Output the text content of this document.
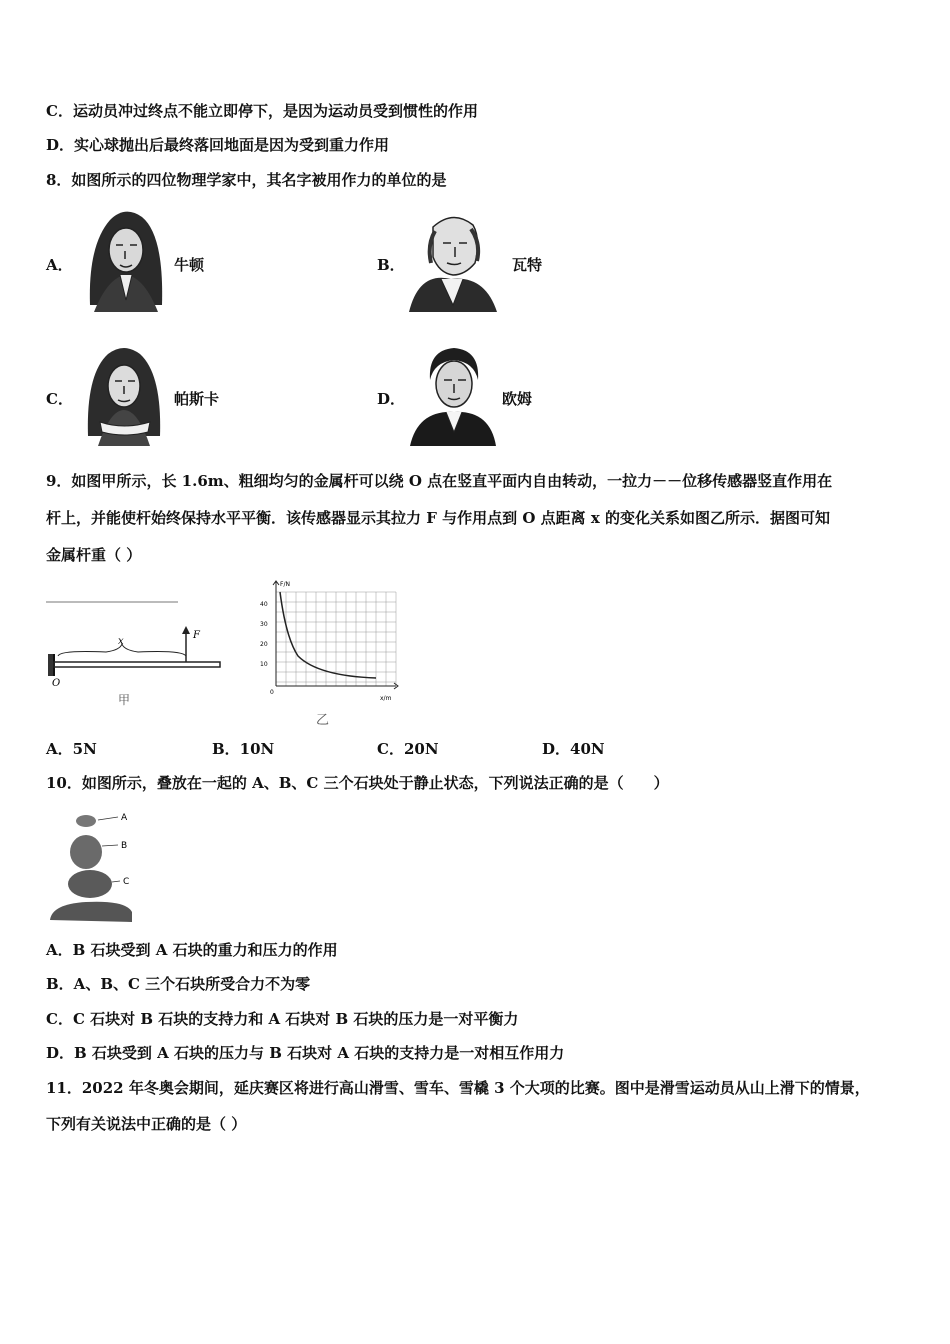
C．运动员冲过终点不能立即停下，是因为运动员受到惯性的作用
D．实心球抛出后最终落回地面是因为受到重力作用
8．如图所示的四位物理学家中，其名字被用作力的单位的是
A．	牛顿	B．	瓦特
C．	帕斯卡	D．	欧姆
9．如图甲所示，长 1.6m、粗细均匀的金属杆可以绕 O 点在竖直平面内自由转动，一拉力－－位移传感器竖直作用在
杆上，并能使杆始终保持水平平衡．该传感器显示其拉力 F 与作用点到 O 点距离 x 的变化关系如图乙所示．据图可知
金属杆重（ ）
x
F
O
甲
F/N
x/m
40
30
20
10
0
乙
A．5N	B．10N	C．20N	D．40N
10．如图所示，叠放在一起的 A、B、C 三个石块处于静止状态，下列说法正确的是（　　）
A
B
C
A．B 石块受到 A 石块的重力和压力的作用
B．A、B、C 三个石块所受合力不为零
C．C 石块对 B 石块的支持力和 A 石块对 B 石块的压力是一对平衡力
D．B 石块受到 A 石块的压力与 B 石块对 A 石块的支持力是一对相互作用力
11．2022 年冬奥会期间，延庆赛区将进行高山滑雪、雪车、雪橇 3 个大项的比赛。图中是滑雪运动员从山上滑下的情景，
下列有关说法中正确的是（ ）
